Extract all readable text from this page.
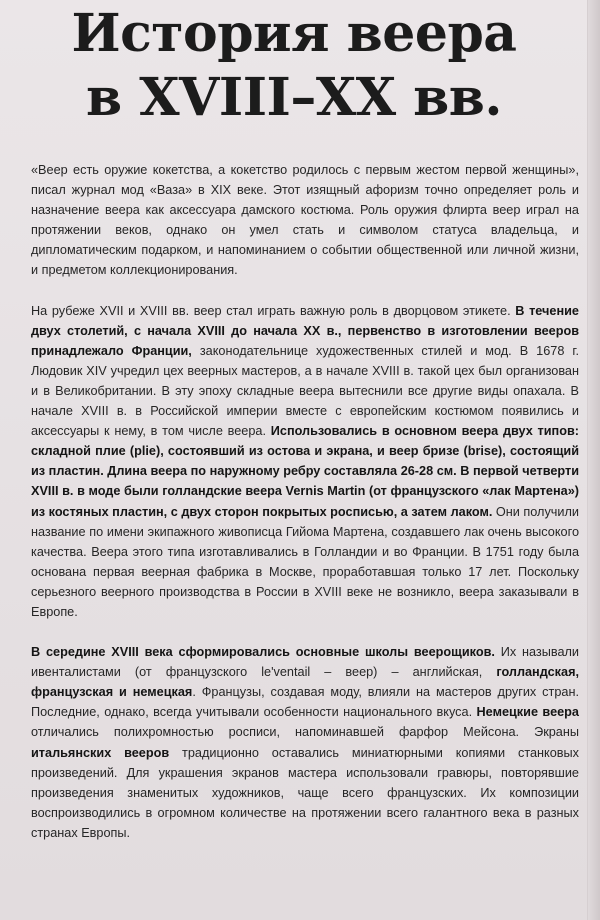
История веера
в XVIII–XX вв.

«Веер есть оружие кокетства, а кокетство родилось с первым жестом первой женщины», писал журнал мод «Ваза» в XIX веке. Этот изящный афоризм точно определяет роль и назначение веера как аксессуара дамского костюма. Роль оружия флирта веер играл на протяжении веков, однако он умел стать и символом статуса владельца, и дипломатическим подарком, и напоминанием о событии общественной или личной жизни, и предметом коллекционирования.

На рубеже XVII и XVIII вв. веер стал играть важную роль в дворцовом этикете. В течение двух столетий, с начала XVIII до начала XX в., первенство в изготовлении вееров принадлежало Франции, законодательнице художественных стилей и мод. В 1678 г. Людовик XIV учредил цех веерных мастеров, а в начале XVIII в. такой цех был организован и в Великобритании. В эту эпоху складные веера вытеснили все другие виды опахала. В начале XVIII в. в Российской империи вместе с европейским костюмом появились и аксессуары к нему, в том числе веера. Использовались в основном веера двух типов: складной плие (plie), состоявший из остова и экрана, и веер бризе (brise), состоящий из пластин. Длина веера по наружному ребру составляла 26-28 см. В первой четверти XVIII в. в моде были голландские веера Vernis Martin (от французского «лак Мартена») из костяных пластин, с двух сторон покрытых росписью, а затем лаком. Они получили название по имени экипажного живописца Гийома Мартена, создавшего лак очень высокого качества. Веера этого типа изготавливались в Голландии и во Франции. В 1751 году была основана первая веерная фабрика в Москве, проработавшая только 17 лет. Поскольку серьезного веерного производства в России в XVIII веке не возникло, веера заказывали в Европе.

В середине XVIII века сформировались основные школы веерощиков. Их называли ивенталистами (от французского le'ventail – веер) – английская, голландская, французская и немецкая. Французы, создавая моду, влияли на мастеров других стран. Последние, однако, всегда учитывали особенности национального вкуса. Немецкие веера отличались полихромностью росписи, напоминавшей фарфор Мейсона. Экраны итальянских вееров традиционно оставались миниатюрными копиями станковых произведений. Для украшения экранов мастера использовали гравюры, повторявшие произведения знаменитых художников, чаще всего французских. Их композиции воспроизводились в огромном количестве на протяжении всего галантного века в разных странах Европы.
